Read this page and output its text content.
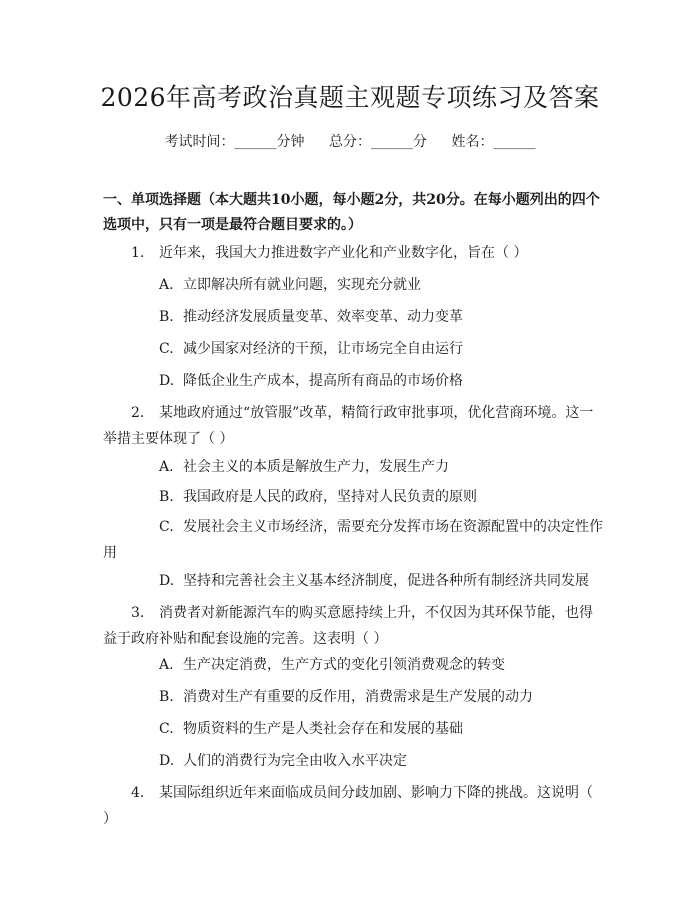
2026年高考政治真题主观题专项练习及答案
考试时间：______分钟 总分：______分 姓名：______
一、单项选择题（本大题共10小题，每小题2分，共20分。在每小题列出的四个选项中，只有一项是最符合题目要求的。）
1. 近年来，我国大力推进数字产业化和产业数字化，旨在（ ）
A. 立即解决所有就业问题，实现充分就业
B. 推动经济发展质量变革、效率变革、动力变革
C. 减少国家对经济的干预，让市场完全自由运行
D. 降低企业生产成本，提高所有商品的市场价格
2. 某地政府通过“放管服”改革，精简行政审批事项，优化营商环境。这一举措主要体现了（ ）
A. 社会主义的本质是解放生产力，发展生产力
B. 我国政府是人民的政府，坚持对人民负责的原则
C. 发展社会主义市场经济，需要充分发挥市场在资源配置中的决定性作用
D. 坚持和完善社会主义基本经济制度，促进各种所有制经济共同发展
3. 消费者对新能源汽车的购买意愿持续上升，不仅因为其环保节能，也得益于政府补贴和配套设施的完善。这表明（ ）
A. 生产决定消费，生产方式的变化引领消费观念的转变
B. 消费对生产有重要的反作用，消费需求是生产发展的动力
C. 物质资料的生产是人类社会存在和发展的基础
D. 人们的消费行为完全由收入水平决定
4. 某国际组织近年来面临成员间分歧加剧、影响力下降的挑战。这说明（ ）
